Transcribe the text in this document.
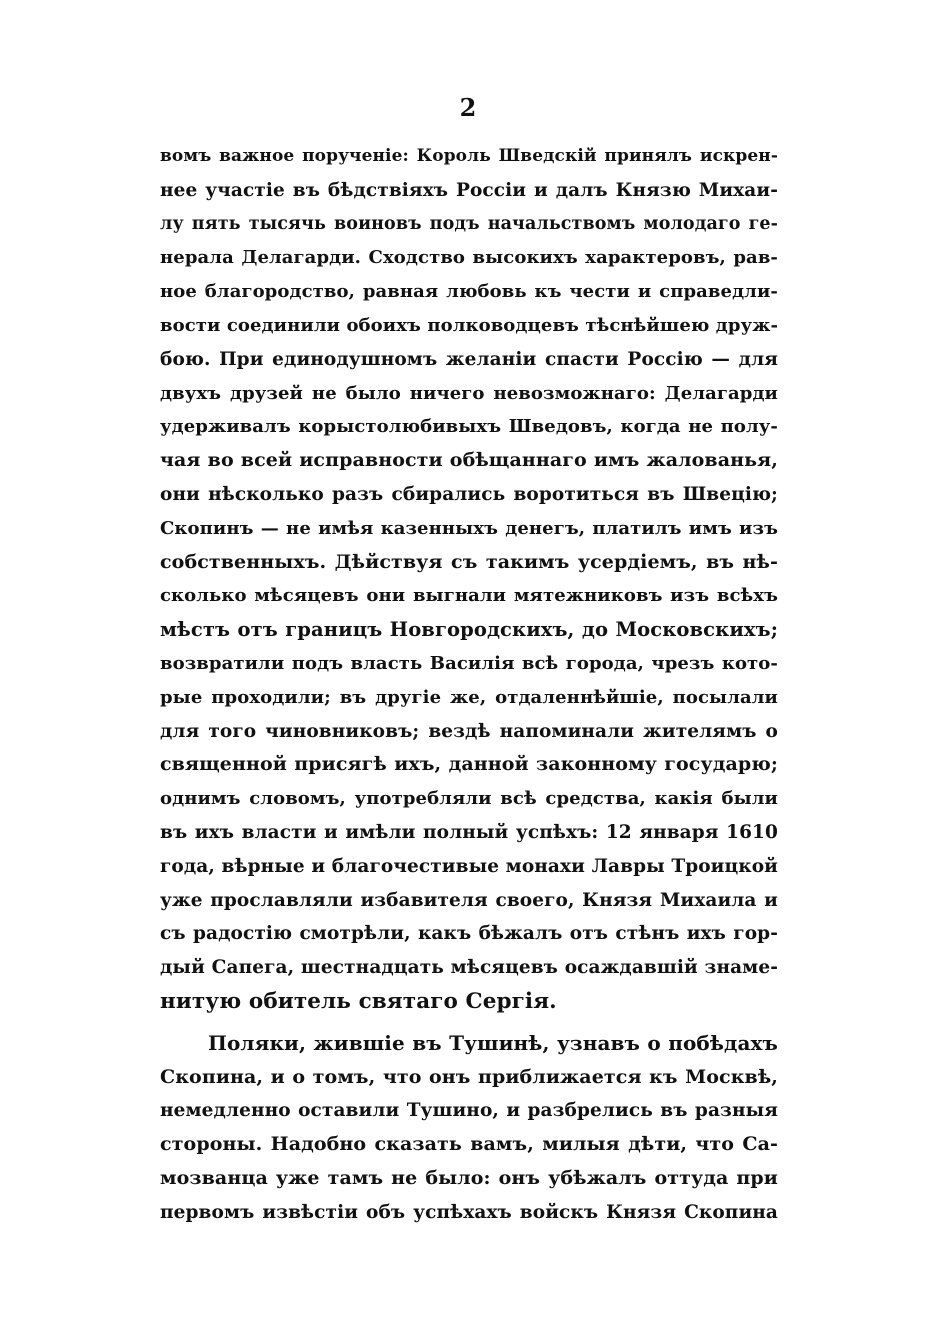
2
вомъ важное порученіе: Король Шведскій принялъ искрен-
нее участіе въ бѣдствіяхъ Россіи и далъ Князю Михаи-
лу пять тысячь воиновъ подъ начальствомъ молодаго ге-
нерала Делагарди. Сходство высокихъ характеровъ, рав-
ное благородство, равная любовь къ чести и справедли-
вости соединили обоихъ полководцевъ тѣснѣйшею друж-
бою. При единодушномъ желаніи спасти Россію — для
двухъ друзей не было ничего невозможнаго: Делагарди
удерживалъ корыстолюбивыхъ Шведовъ, когда не полу-
чая во всей исправности обѣщаннаго имъ жалованья,
они нѣсколько разъ сбирались воротиться въ Швецію;
Скопинъ — не имѣя казенныхъ денегъ, платилъ имъ изъ
собственныхъ. Дѣйствуя съ такимъ усердіемъ, въ нѣ-
сколько мѣсяцевъ они выгнали мятежниковъ изъ всѣхъ
мѣстъ отъ границъ Новгородскихъ, до Московскихъ;
возвратили подъ власть Василія всѣ города, чрезъ кото-
рые проходили; въ другіе же, отдаленнѣйшіе, посылали
для того чиновниковъ; вездѣ напоминали жителямъ о
священной присягѣ ихъ, данной законному государю;
однимъ словомъ, употребляли всѣ средства, какія были
въ ихъ власти и имѣли полный успѣхъ: 12 января 1610
года, вѣрные и благочестивые монахи Лавры Троицкой
уже прославляли избавителя своего, Князя Михаила и
съ радостію смотрѣли, какъ бѣжалъ отъ стѣнъ ихъ гор-
дый Сапега, шестнадцать мѣсяцевъ осаждавшій знаме-
нитую обитель святаго Сергія.
Поляки, жившіе въ Тушинѣ, узнавъ о побѣдахъ
Скопина, и о томъ, что онъ приближается къ Москвѣ,
немедленно оставили Тушино, и разбрелись въ разныя
стороны. Надобно сказать вамъ, милыя дѣти, что Са-
мозванца уже тамъ не было: онъ убѣжалъ оттуда при
первомъ извѣстіи объ успѣхахъ войскъ Князя Скопина
